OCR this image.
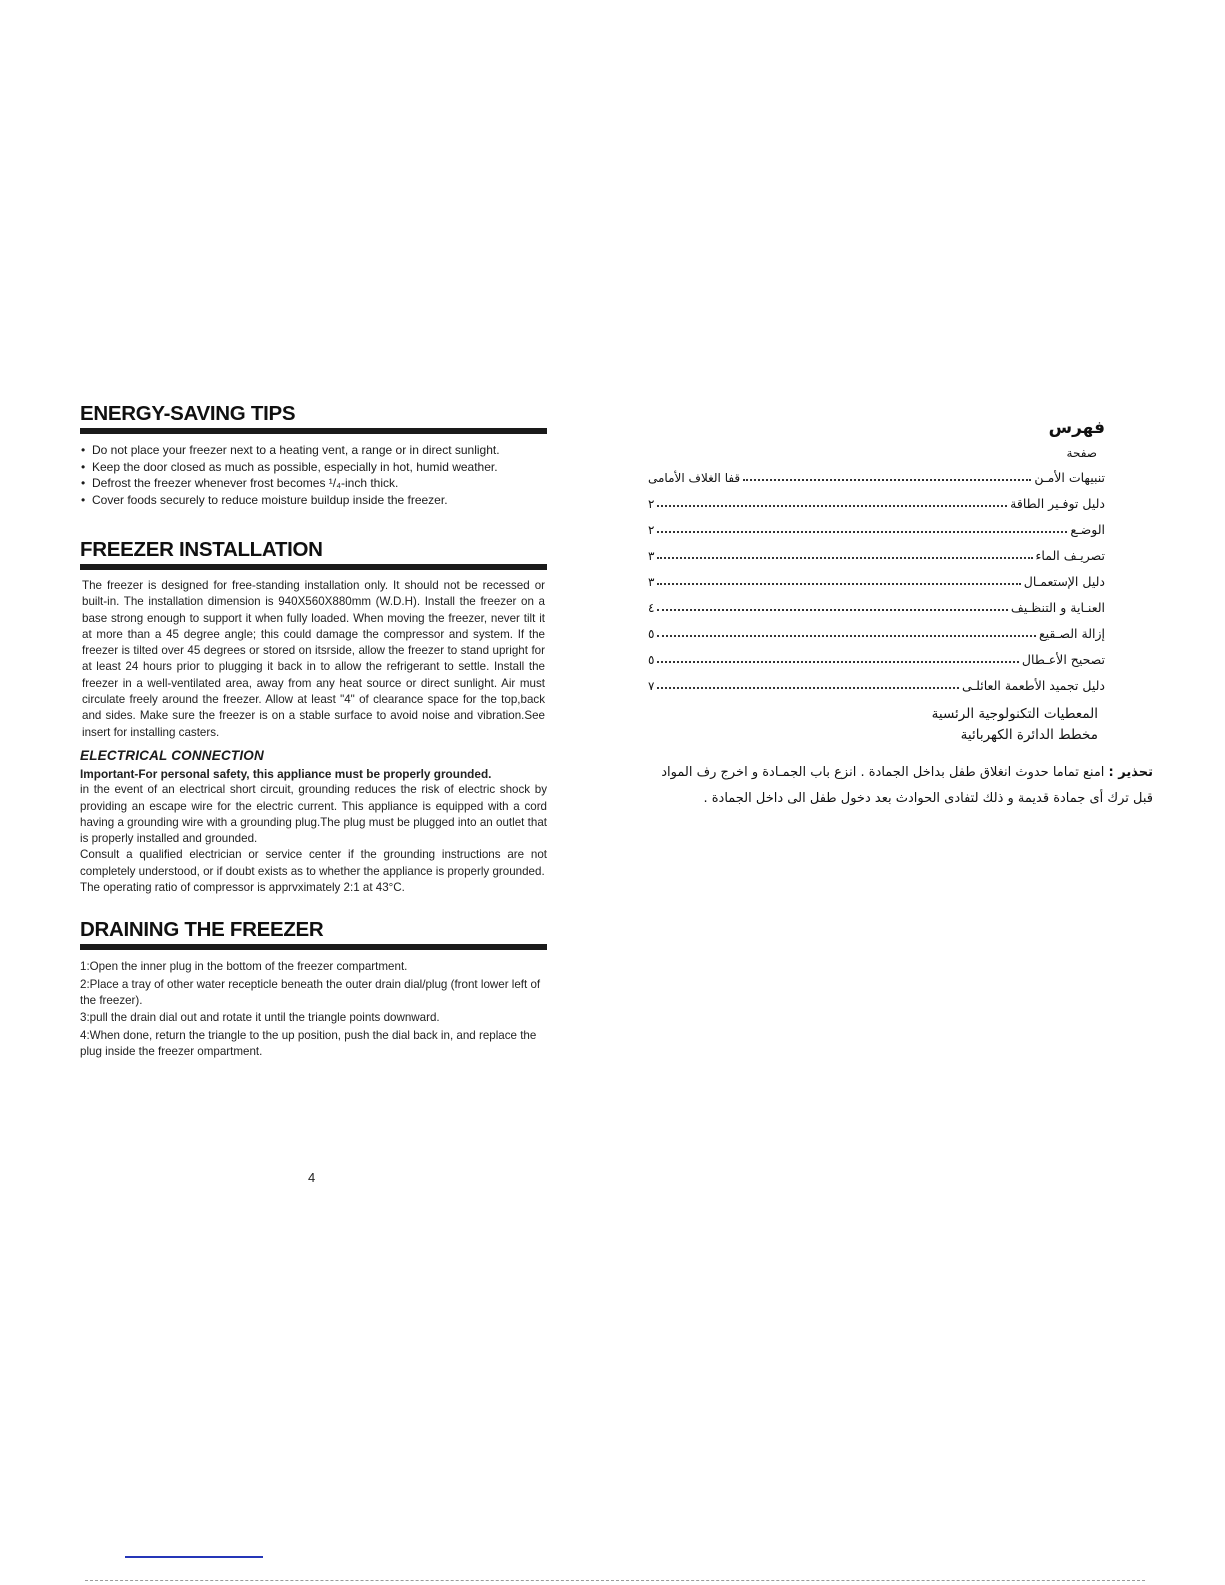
ENERGY-SAVING TIPS
• Do not place your freezer next to a heating vent, a range or in direct sunlight.
• Keep the door closed as much as possible, especially in hot, humid weather.
• Defrost the freezer whenever frost becomes ¹/₄-inch thick.
• Cover foods securely to reduce moisture buildup inside the freezer.
FREEZER INSTALLATION

The freezer is designed for free-standing installation only. It should not be recessed or built-in. The installation dimension is 940X560X880mm (W.D.H). Install the freezer on a base strong enough to support it when fully loaded. When moving the freezer, never tilt it at more than a 45 degree angle; this could damage the compressor and system. If the freezer is tilted over 45 degrees or stored on itsrside, allow the freezer to stand upright for at least 24 hours prior to plugging it back in to allow the refrigerant to settle. Install the freezer in a well-ventilated area, away from any heat source or direct sunlight. Air must circulate freely around the freezer. Allow at least "4" of clearance space for the top,back and sides. Make sure the freezer is on a stable surface to avoid noise and vibration.See insert for installing casters.

ELECTRICAL CONNECTION

Important-For personal safety, this appliance must be properly grounded.

in the event of an electrical short circuit, grounding reduces the risk of electric shock by providing an escape wire for the electric current. This appliance is equipped with a cord having a grounding wire with a grounding plug.The plug must be plugged into an outlet that is properly installed and grounded.

Consult a qualified electrician or service center if the grounding instructions are not completely understood, or if doubt exists as to whether the appliance is properly grounded.

The operating ratio of compressor is apprvximately 2:1 at 43°C.

DRAINING THE FREEZER

1:Open the inner plug in the bottom of the freezer compartment.

2:Place a tray of other water recepticle beneath the outer drain dial/plug (front lower left of the freezer).

3:pull the drain dial out and rotate it until the triangle points downward.

4:When done, return the triangle to the up position, push the dial back in, and replace the plug inside the freezer ompartment.

فهرس
صفحة
تنبيهات الأمـن
قفا الغلاف الأمامى
دليل توفـير الطاقة
٢
الوضـع
٢
تصريـف الماء
٣
دليل الإستعمـال
٣
العنـاية و التنظـيف
٤
إزالة الصـقيع
٥
تصحيح الأعـطال
٥
دليل تجميد الأطعمة العائلـى
٧
المعطيات التكنولوجية الرئسية
مخطط الدائرة الكهربائية

تحذير : امنع تماما حدوث انغلاق طفل بداخل الجمادة . انزع باب الجمـادة و اخرج رف المواد قبل ترك أى جمادة قديمة و ذلك لتفادى الحوادث بعد دخول طفل الى داخل الجمادة .

4
